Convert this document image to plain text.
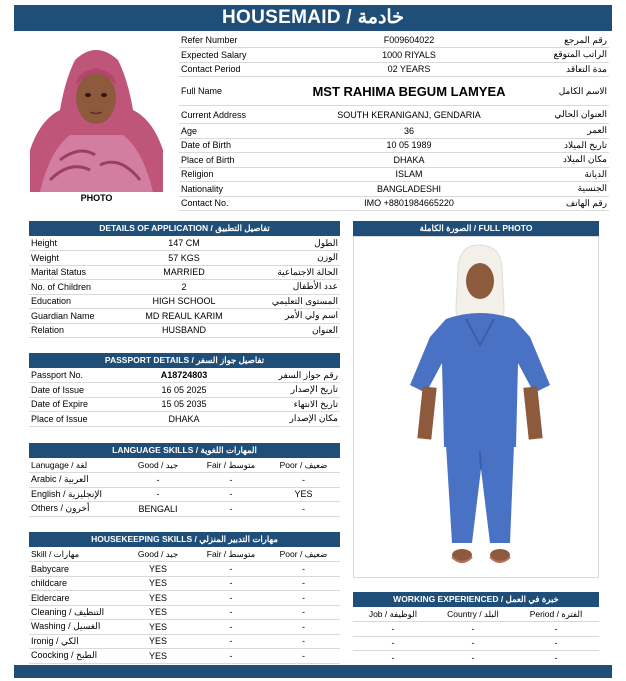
HOUSEMAID / خادمة
PHOTO
Refer Number	F009604022	رقم المرجع
Expected Salary	1000 RIYALS	الراتب المتوقع
Contact Period	02 YEARS	مدة التعاقد
Full Name	MST RAHIMA BEGUM LAMYEA	الاسم الكامل
Current Address	SOUTH KERANIGANJ, GENDARIA	العنوان الحالي
Age	36	العمر
Date of Birth	10 05 1989	تاريخ الميلاد
Place of Birth	DHAKA	مكان الميلاد
Religion	ISLAM	الديانة
Nationality	BANGLADESHI	الجنسية
Contact No.	IMO +8801984665220	رقم الهاتف
DETAILS OF APPLICATION / تفاصيل التطبيق
Height	147 CM	الطول
Weight	57 KGS	الوزن
Marital Status	MARRIED	الحالة الاجتماعية
No. of Children	2	عدد الأطفال
Education	HIGH SCHOOL	المستوى التعليمي
Guardian Name	MD REAUL KARIM	اسم ولي الأمر
Relation	HUSBAND	العنوان
PASSPORT DETAILS / تفاصيل جواز السفر
Passport No.	A18724803	رقم جواز السفر
Date of Issue	16 05 2025	تاريخ الإصدار
Date of Expire	15 05 2035	تاريخ الانتهاء
Place of Issue	DHAKA	مكان الإصدار
LANGUAGE SKILLS / المهارات اللغوية
Lanugage / لغة	Good / جيد	Fair / متوسط	Poor / ضعيف
Arabic / العربية	-	-	-
English / الإنجليزية	-	-	YES
Others / أخرون	BENGALI	-	-
HOUSEKEEPING SKILLS / مهارات التدبير المنزلي
Skill / مهارات	Good / جيد	Fair / متوسط	Poor / ضعيف
Babycare	YES	-	-
childcare	YES	-	-
Eldercare	YES	-	-
Cleaning / التنظيف	YES	-	-
Washing / الغسيل	YES	-	-
Ironig / الكي	YES	-	-
Coocking / الطبخ	YES	-	-
الصورة الكاملة / FULL PHOTO
WORKING EXPERIENCED / خبرة في العمل
Job / الوظيفة	Country / البلد	Period / الفترة
-	-	-
-	-	-
-	-	-
